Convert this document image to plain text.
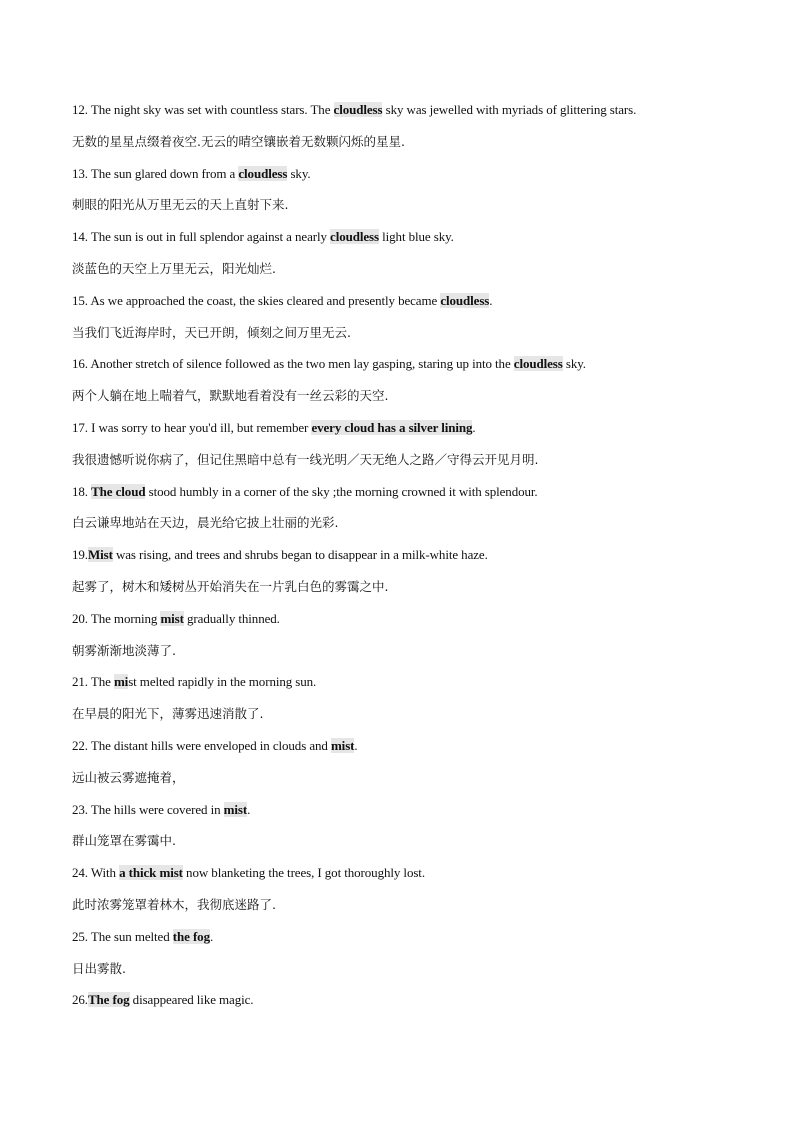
12. The night sky was set with countless stars. The cloudless sky was jewelled with myriads of glittering stars.
无数的星星点缀着夜空.无云的晴空镶嵌着无数颗闪烁的星星.
13. The sun glared down from a cloudless sky.
刺眼的阳光从万里无云的天上直射下来.
14. The sun is out in full splendor against a nearly cloudless light blue sky.
淡蓝色的天空上万里无云，阳光灿烂.
15. As we approached the coast, the skies cleared and presently became cloudless.
当我们飞近海岸时，天已开朗，倾刻之间万里无云.
16. Another stretch of silence followed as the two men lay gasping, staring up into the cloudless sky.
两个人躺在地上喘着气，默默地看着没有一丝云彩的天空.
17. I was sorry to hear you'd ill, but remember every cloud has a silver lining.
我很遗憾听说你病了，但记住黑暗中总有一线光明／天无绝人之路／守得云开见月明.
18. The cloud stood humbly in a corner of the sky ;the morning crowned it with splendour.
白云谦卑地站在天边，晨光给它披上壮丽的光彩.
19.Mist was rising, and trees and shrubs began to disappear in a milk-white haze.
起雾了，树木和矮树丛开始消失在一片乳白色的雾霭之中.
20. The morning mist gradually thinned.
朝雾渐渐地淡薄了.
21. The mist melted rapidly in the morning sun.
在早晨的阳光下，薄雾迅速消散了.
22. The distant hills were enveloped in clouds and mist.
远山被云雾遮掩着，
23. The hills were covered in mist.
群山笼罩在雾霭中.
24. With a thick mist now blanketing the trees, I got thoroughly lost.
此时浓雾笼罩着林木，我彻底迷路了.
25. The sun melted the fog.
日出雾散.
26.The fog disappeared like magic.
